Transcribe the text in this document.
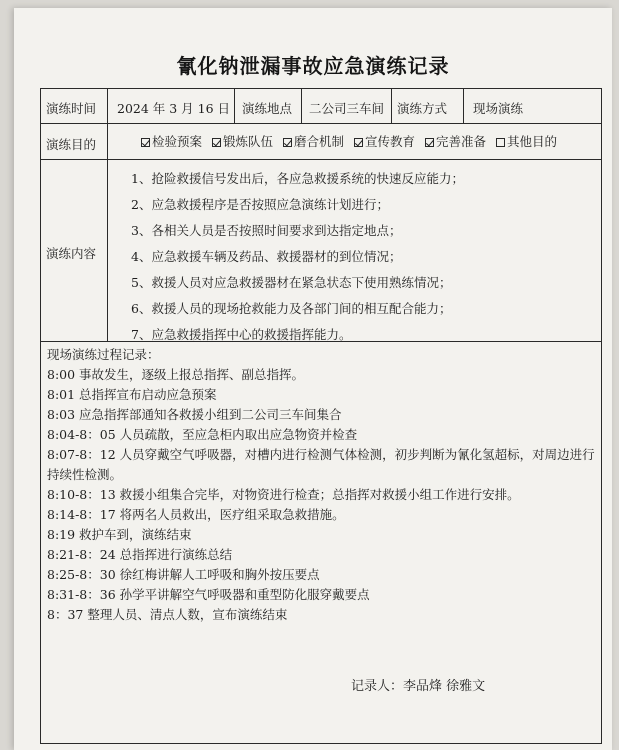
氰化钠泄漏事故应急演练记录
演练时间 2024 年 3 月 16 日 演练地点 二公司三车间 演练方式 现场演练
演练目的	检验预案 锻炼队伍 磨合机制 宣传教育 完善准备 其他目的
演练内容
1、抢险救援信号发出后，各应急救援系统的快速反应能力；
2、应急救援程序是否按照应急演练计划进行；
3、各相关人员是否按照时间要求到达指定地点；
4、应急救援车辆及药品、救援器材的到位情况；
5、救援人员对应急救援器材在紧急状态下使用熟练情况；
6、救援人员的现场抢救能力及各部门间的相互配合能力；
7、应急救援指挥中心的救援指挥能力。
现场演练过程记录：
8:00 事故发生，逐级上报总指挥、副总指挥。
8:01 总指挥宣布启动应急预案
8:03 应急指挥部通知各救援小组到二公司三车间集合
8:04-8：05 人员疏散，至应急柜内取出应急物资并检查
8:07-8：12 人员穿戴空气呼吸器，对槽内进行检测气体检测，初步判断为氰化氢超标，对周边进行持续性检测。
8:10-8：13 救援小组集合完毕，对物资进行检查；总指挥对救援小组工作进行安排。
8:14-8：17 将两名人员救出，医疗组采取急救措施。
8:19 救护车到，演练结束
8:21-8：24 总指挥进行演练总结
8:25-8：30 徐红梅讲解人工呼吸和胸外按压要点
8:31-8：36 孙学平讲解空气呼吸器和重型防化服穿戴要点
8：37 整理人员、清点人数，宣布演练结束
记录人：李品烽 徐雅文
